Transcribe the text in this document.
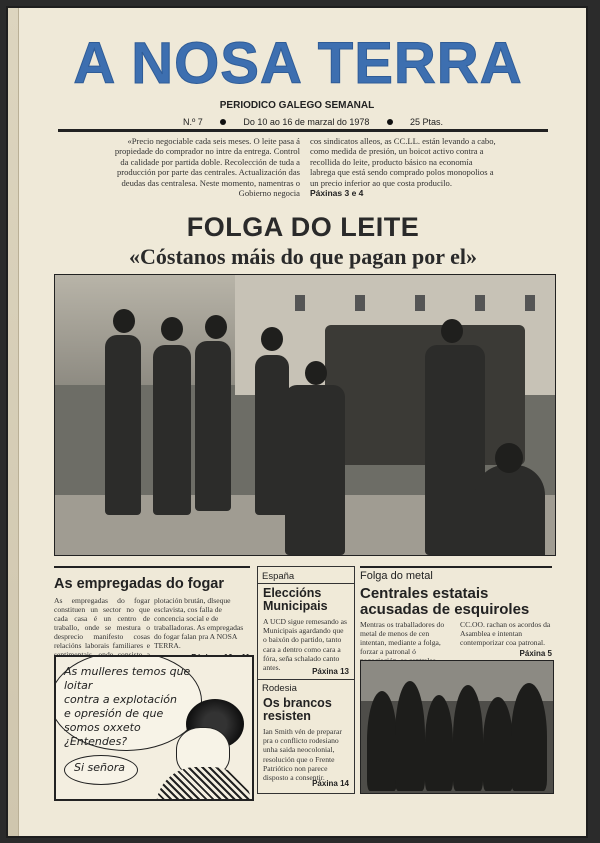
A NOSA TERRA
PERIODICO GALEGO SEMANAL
N.º 7	Do 10 ao 16 de marzal do 1978	25 Ptas.

«Precio negociable cada seis meses. O leite pasa á propiedade do comprador no intre da entrega. Control da calidade por partida doble. Recolección de tuda a producción por parte das centrales. Actualización das deudas das centralesa. Neste momento, namentras o Gobierno negocia

cos sindicatos alleos, as CC.LL. están levando a cabo, como medida de presión, un boicot activo contra a recollida do leite, producto básico na economía labrega que está sendo comprado polos monopolios a un precio inferior ao que costa producilo.

Páxinas 3 e 4

FOLGA DO LEITE
«Cóstanos máis do que pagan por el»
As empregadas do fogar
As empregadas do fogar constituen un sector no que cada casa é un centro de traballo, onde se mestura o desprecio manifesto cosas relacións laborais familiares e

plotación brután, dlseque esclavista, cos falla de concencia social e de traballadoras. As empregadas do fogar falan pra A NOSA TERRA.

As mulleres temos que loitar
contra a explotación
e opresión de que
somos oxxeto
¿Entendes?
Si señora
España
Eleccións Municipais
A UCD sigue remesando as Municipais agardando que o baixón do partido, tanto cara a dentro como cara a fóra, seña schalado canto antes.	Páxina 13
Rodesia
Os brancos resisten
Ian Smith vén de preparar pra o conflicto rodesiano unha saida neocolonial, resolución que o Frente Patriótico non parece disposto a consentir.
Páxina 14
Folga do metal
Centrales estatais acusadas de esquiroles
Mentras os traballadores do metal de menos de cen intentan, mediante a folga, forzar a patronal ó

CC.OO. rachan os acordos da Asamblea e intentan contemporizar coa patronal.

Páxina 5
